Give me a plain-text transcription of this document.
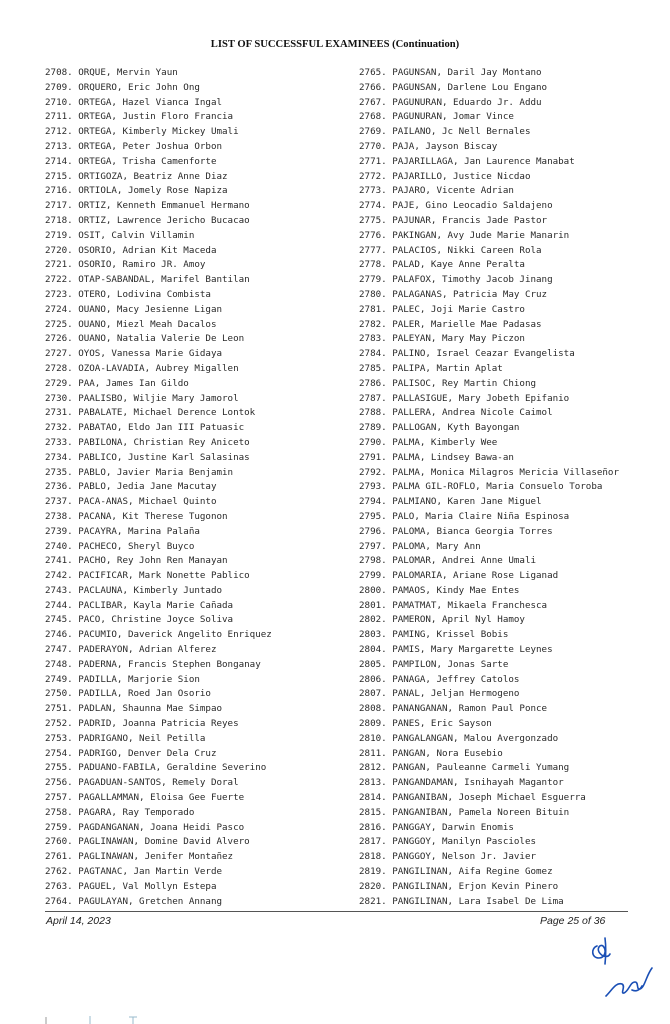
LIST OF SUCCESSFUL EXAMINEES (Continuation)
2708. ORQUE, Mervin Yaun
2709. ORQUERO, Eric John Ong
2710. ORTEGA, Hazel Vianca Ingal
2711. ORTEGA, Justin Floro Francia
2712. ORTEGA, Kimberly Mickey Umali
2713. ORTEGA, Peter Joshua Orbon
2714. ORTEGA, Trisha Camenforte
2715. ORTIGOZA, Beatriz Anne Diaz
2716. ORTIOLA, Jomely Rose Napiza
2717. ORTIZ, Kenneth Emmanuel Hermano
2718. ORTIZ, Lawrence Jericho Bucacao
2719. OSIT, Calvin Villamin
2720. OSORIO, Adrian Kit Maceda
2721. OSORIO, Ramiro JR. Amoy
2722. OTAP-SABANDAL, Marifel Bantilan
2723. OTERO, Lodivina Combista
2724. OUANO, Macy Jesienne Ligan
2725. OUANO, Miezl Meah Dacalos
2726. OUANO, Natalia Valerie De Leon
2727. OYOS, Vanessa Marie Gidaya
2728. OZOA-LAVADIA, Aubrey Migallen
2729. PAA, James Ian Gildo
2730. PAALISBO, Wiljie Mary Jamorol
2731. PABALATE, Michael Derence Lontok
2732. PABATAO, Eldo Jan III Patuasic
2733. PABILONA, Christian Rey Aniceto
2734. PABLICO, Justine Karl Salasinas
2735. PABLO, Javier Maria Benjamin
2736. PABLO, Jedia Jane Macutay
2737. PACA-ANAS, Michael Quinto
2738. PACANA, Kit Therese Tugonon
2739. PACAYRA, Marina Palaña
2740. PACHECO, Sheryl Buyco
2741. PACHO, Rey John Ren Manayan
2742. PACIFICAR, Mark Nonette Pablico
2743. PACLAUNA, Kimberly Juntado
2744. PACLIBAR, Kayla Marie Cañada
2745. PACO, Christine Joyce Soliva
2746. PACUMIO, Daverick Angelito Enriquez
2747. PADERAYON, Adrian Alferez
2748. PADERNA, Francis Stephen Bonganay
2749. PADILLA, Marjorie Sion
2750. PADILLA, Roed Jan Osorio
2751. PADLAN, Shaunna Mae Simpao
2752. PADRID, Joanna Patricia Reyes
2753. PADRIGANO, Neil Petilla
2754. PADRIGO, Denver Dela Cruz
2755. PADUANO-FABILA, Geraldine Severino
2756. PAGADUAN-SANTOS, Remely Doral
2757. PAGALLAMMAN, Eloisa Gee Fuerte
2758. PAGARA, Ray Temporado
2759. PAGDANGANAN, Joana Heidi Pasco
2760. PAGLINAWAN, Domine David Alvero
2761. PAGLINAWAN, Jenifer Montañez
2762. PAGTANAC, Jan Martin Verde
2763. PAGUEL, Val Mollyn Estepa
2764. PAGULAYAN, Gretchen Annang
2765. PAGUNSAN, Daril Jay Montano
2766. PAGUNSAN, Darlene Lou Engano
2767. PAGUNURAN, Eduardo Jr. Addu
2768. PAGUNURAN, Jomar Vince
2769. PAILANO, Jc Nell Bernales
2770. PAJA, Jayson Biscay
2771. PAJARILLAGA, Jan Laurence Manabat
2772. PAJARILLO, Justice Nicdao
2773. PAJARO, Vicente Adrian
2774. PAJE, Gino Leocadio Saldajeno
2775. PAJUNAR, Francis Jade Pastor
2776. PAKINGAN, Avy Jude Marie Manarin
2777. PALACIOS, Nikki Careen Rola
2778. PALAD, Kaye Anne Peralta
2779. PALAFOX, Timothy Jacob Jinang
2780. PALAGANAS, Patricia May Cruz
2781. PALEC, Joji Marie Castro
2782. PALER, Marielle Mae Padasas
2783. PALEYAN, Mary May Piczon
2784. PALINO, Israel Ceazar Evangelista
2785. PALIPA, Martin Aplat
2786. PALISOC, Rey Martin Chiong
2787. PALLASIGUE, Mary Jobeth Epifanio
2788. PALLERA, Andrea Nicole Caimol
2789. PALLOGAN, Kyth Bayongan
2790. PALMA, Kimberly Wee
2791. PALMA, Lindsey Bawa-an
2792. PALMA, Monica Milagros Mericia Villaseñor
2793. PALMA GIL-ROFLO, Maria Consuelo Toroba
2794. PALMIANO, Karen Jane Miguel
2795. PALO, Maria Claire Niña Espinosa
2796. PALOMA, Bianca Georgia Torres
2797. PALOMA, Mary Ann
2798. PALOMAR, Andrei Anne Umali
2799. PALOMARIA, Ariane Rose Liganad
2800. PAMAOS, Kindy Mae Entes
2801. PAMATMAT, Mikaela Franchesca
2802. PAMERON, April Nyl Hamoy
2803. PAMING, Krissel Bobis
2804. PAMIS, Mary Margarette Leynes
2805. PAMPILON, Jonas Sarte
2806. PANAGA, Jeffrey Catolos
2807. PANAL, Jeljan Hermogeno
2808. PANANGANAN, Ramon Paul Ponce
2809. PANES, Eric Sayson
2810. PANGALANGAN, Malou Avergonzado
2811. PANGAN, Nora Eusebio
2812. PANGAN, Pauleanne Carmeli Yumang
2813. PANGANDAMAN, Isnihayah Magantor
2814. PANGANIBAN, Joseph Michael Esguerra
2815. PANGANIBAN, Pamela Noreen Bituin
2816. PANGGAY, Darwin Enomis
2817. PANGGOY, Manilyn Pascioles
2818. PANGGOY, Nelson Jr. Javier
2819. PANGILINAN, Aifa Regine Gomez
2820. PANGILINAN, Erjon Kevin Pinero
2821. PANGILINAN, Lara Isabel De Lima
April 14, 2023	Page 25 of 36
